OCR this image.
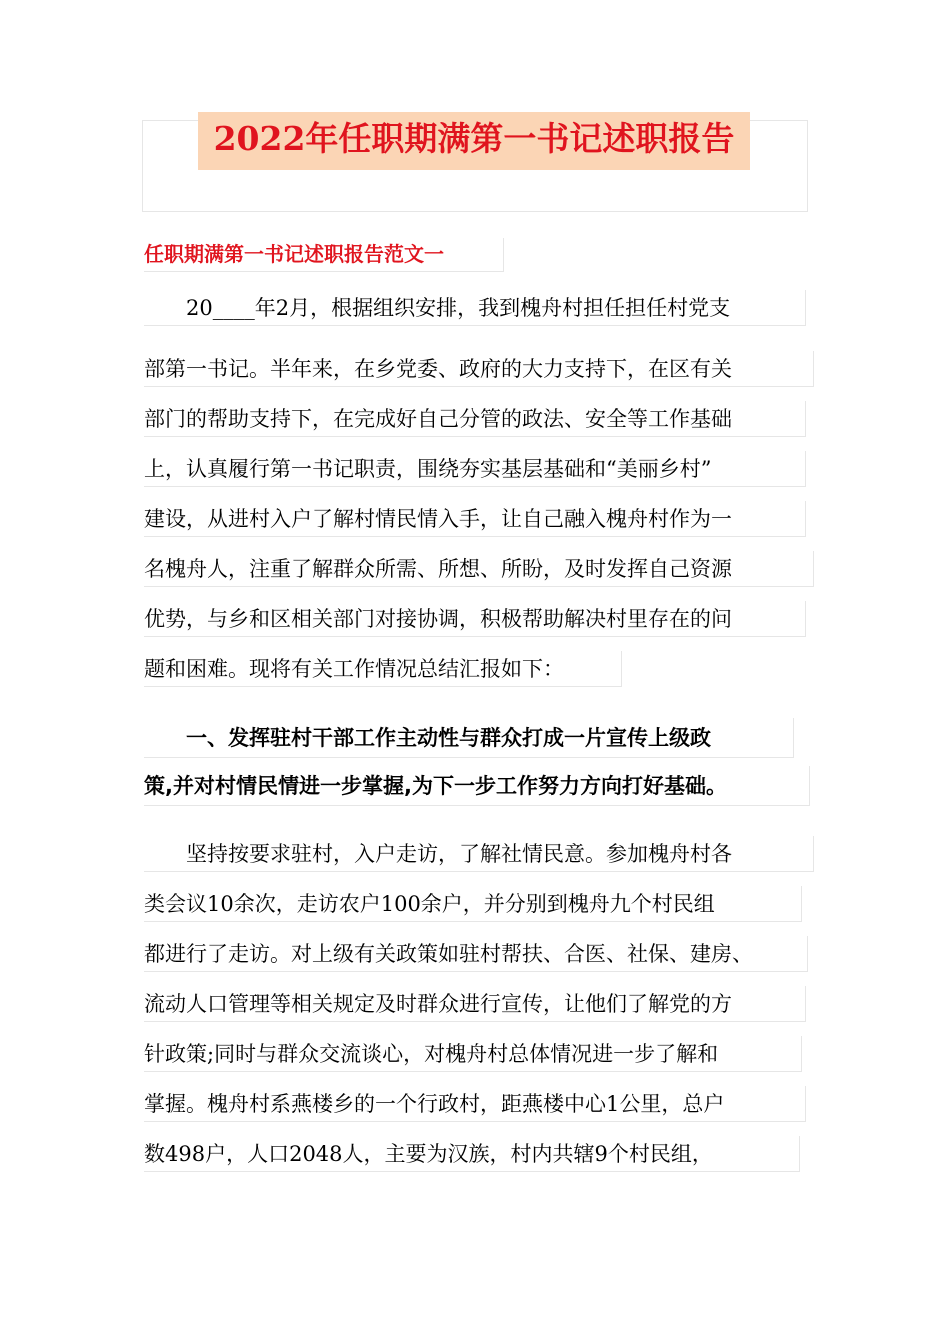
2022年任职期满第一书记述职报告
任职期满第一书记述职报告范文一
　　20____年2月，根据组织安排，我到槐舟村担任担任村党支
部第一书记。半年来，在乡党委、政府的大力支持下，在区有关
部门的帮助支持下，在完成好自己分管的政法、安全等工作基础
上，认真履行第一书记职责，围绕夯实基层基础和“美丽乡村”
建设，从进村入户了解村情民情入手，让自己融入槐舟村作为一
名槐舟人，注重了解群众所需、所想、所盼，及时发挥自己资源
优势，与乡和区相关部门对接协调，积极帮助解决村里存在的问
题和困难。现将有关工作情况总结汇报如下：
　　一、发挥驻村干部工作主动性与群众打成一片宣传上级政
策,并对村情民情进一步掌握,为下一步工作努力方向打好基础。
　　坚持按要求驻村，入户走访，了解社情民意。参加槐舟村各
类会议10余次，走访农户100余户，并分别到槐舟九个村民组
都进行了走访。对上级有关政策如驻村帮扶、合医、社保、建房、
流动人口管理等相关规定及时群众进行宣传，让他们了解党的方
针政策;同时与群众交流谈心，对槐舟村总体情况进一步了解和
掌握。槐舟村系燕楼乡的一个行政村，距燕楼中心1公里，总户
数498户，人口2048人，主要为汉族，村内共辖9个村民组，
